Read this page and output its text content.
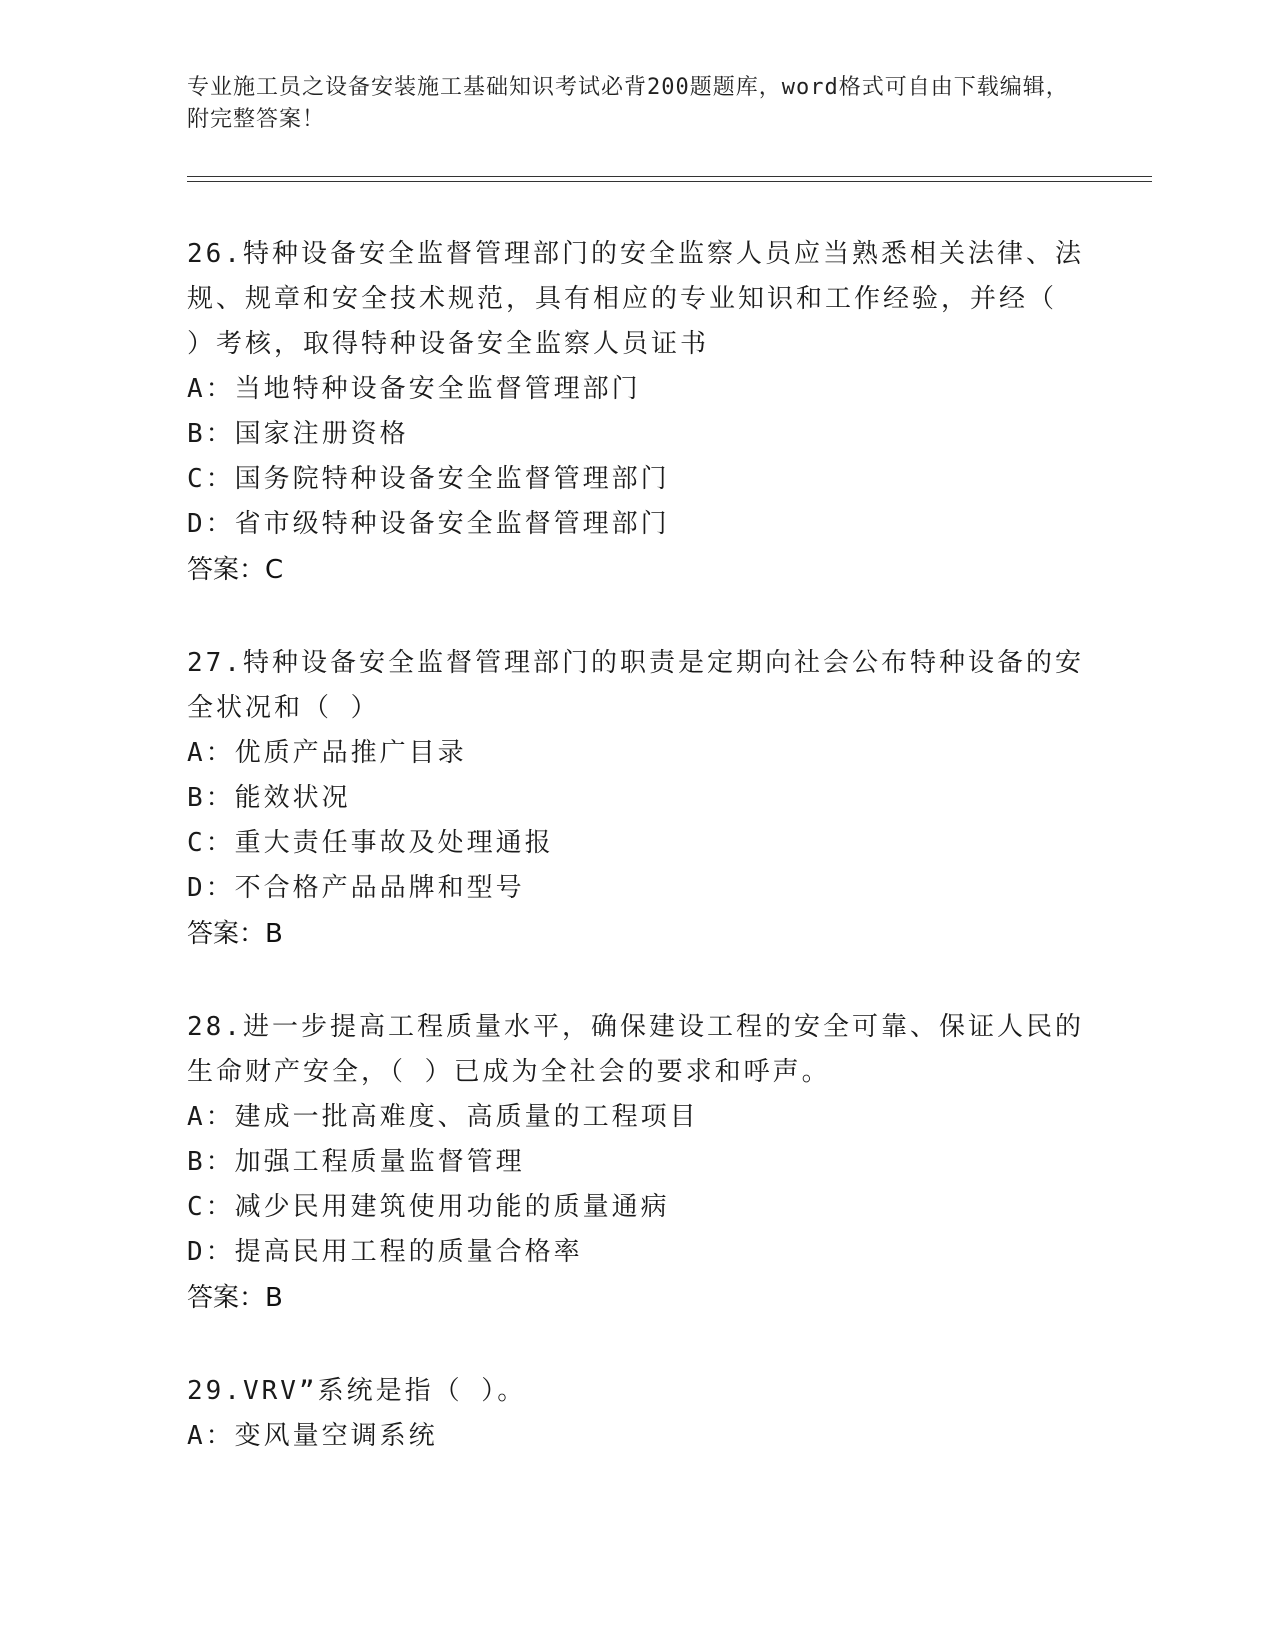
专业施工员之设备安装施工基础知识考试必背200题题库，word格式可自由下载编辑，附完整答案！
26.特种设备安全监督管理部门的安全监察人员应当熟悉相关法律、法规、规章和安全技术规范，具有相应的专业知识和工作经验，并经（ ）考核，取得特种设备安全监察人员证书
A：当地特种设备安全监督管理部门
B：国家注册资格
C：国务院特种设备安全监督管理部门
D：省市级特种设备安全监督管理部门
答案：C
27.特种设备安全监督管理部门的职责是定期向社会公布特种设备的安全状况和（ ）
A：优质产品推广目录
B：能效状况
C：重大责任事故及处理通报
D：不合格产品品牌和型号
答案：B
28.进一步提高工程质量水平，确保建设工程的安全可靠、保证人民的生命财产安全，（ ）已成为全社会的要求和呼声。
A：建成一批高难度、高质量的工程项目
B：加强工程质量监督管理
C：减少民用建筑使用功能的质量通病
D：提高民用工程的质量合格率
答案：B
29.VRV”系统是指（ ）。
A：变风量空调系统
